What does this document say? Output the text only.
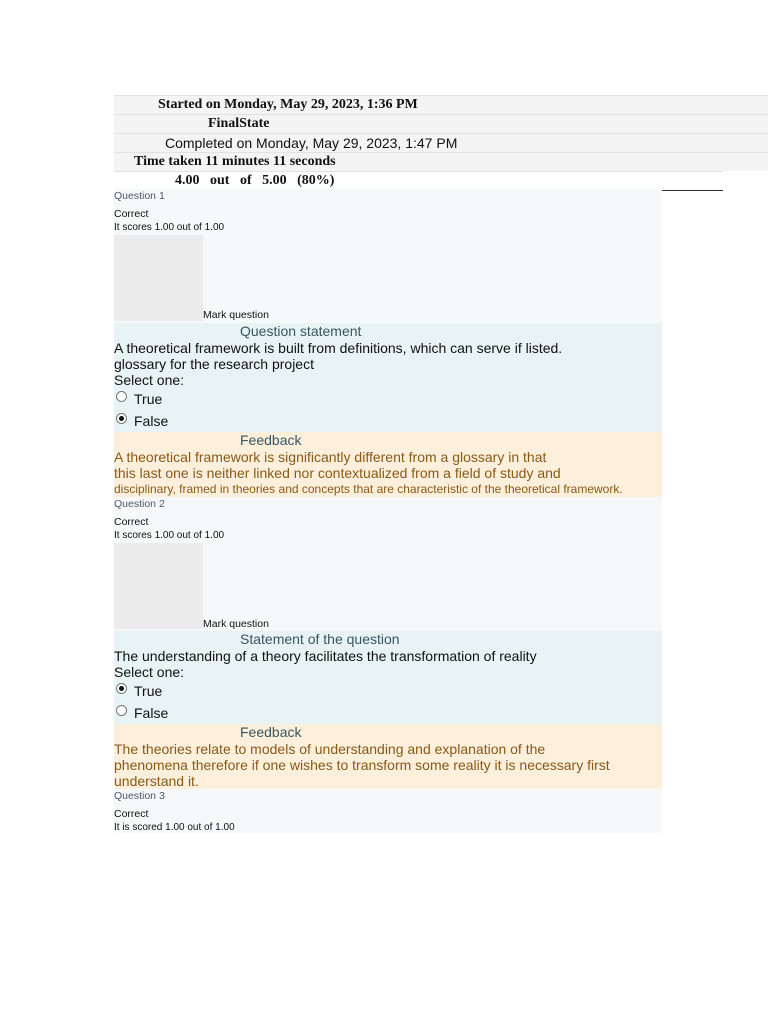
Started on Monday, May 29, 2023, 1:36 PM
FinalState
Completed on Monday, May 29, 2023, 1:47 PM
Time taken 11 minutes 11 seconds
4.00   out   of   5.00   (80%)
Question 1
Correct
It scores 1.00 out of 1.00
Mark question
Question statement
A theoretical framework is built from definitions, which can serve if listed.
glossary for the research project
Select one:
True
False
Feedback
A theoretical framework is significantly different from a glossary in that
this last one is neither linked nor contextualized from a field of study and
disciplinary, framed in theories and concepts that are characteristic of the theoretical framework.
Question 2
Correct
It scores 1.00 out of 1.00
Mark question
Statement of the question
The understanding of a theory facilitates the transformation of reality
Select one:
True
False
Feedback
The theories relate to models of understanding and explanation of the
phenomena therefore if one wishes to transform some reality it is necessary first
understand it.
Question 3
Correct
It is scored 1.00 out of 1.00
